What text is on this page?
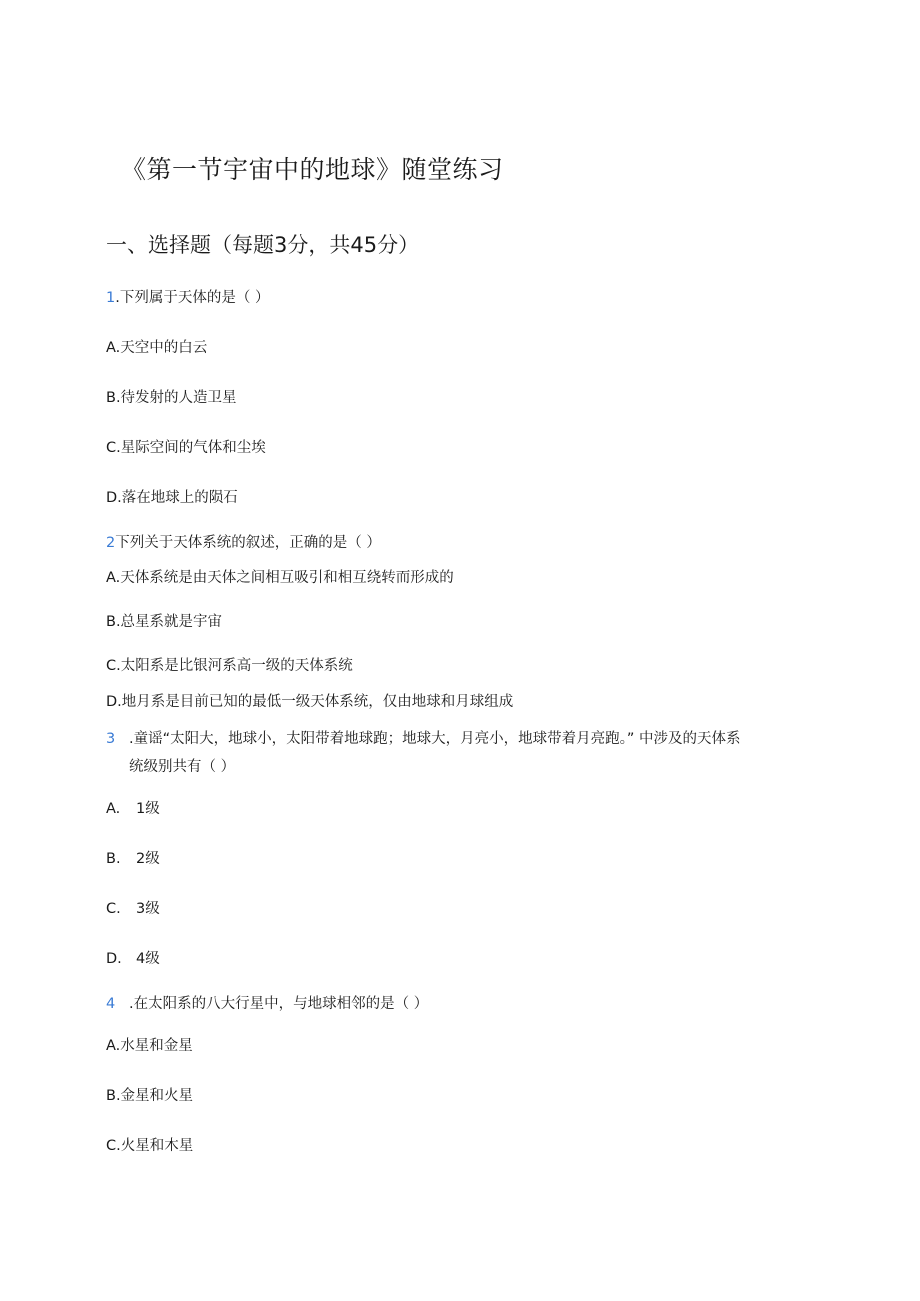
《第一节宇宙中的地球》随堂练习
一、选择题（每题3分，共45分）
1.下列属于天体的是（ ）
A.天空中的白云
B.待发射的人造卫星
C.星际空间的气体和尘埃
D.落在地球上的陨石
2下列关于天体系统的叙述，正确的是（ ）
A.天体系统是由天体之间相互吸引和相互绕转而形成的
B.总星系就是宇宙
C.太阳系是比银河系高一级的天体系统
D.地月系是目前已知的最低一级天体系统，仅由地球和月球组成
3 .童谣“太阳大，地球小，太阳带着地球跑；地球大，月亮小，地球带着月亮跑。” 中涉及的天体系
统级别共有（ ）
A. 1级
B. 2级
C. 3级
D. 4级
4 .在太阳系的八大行星中，与地球相邻的是（ ）
A.水星和金星
B.金星和火星
C.火星和木星
